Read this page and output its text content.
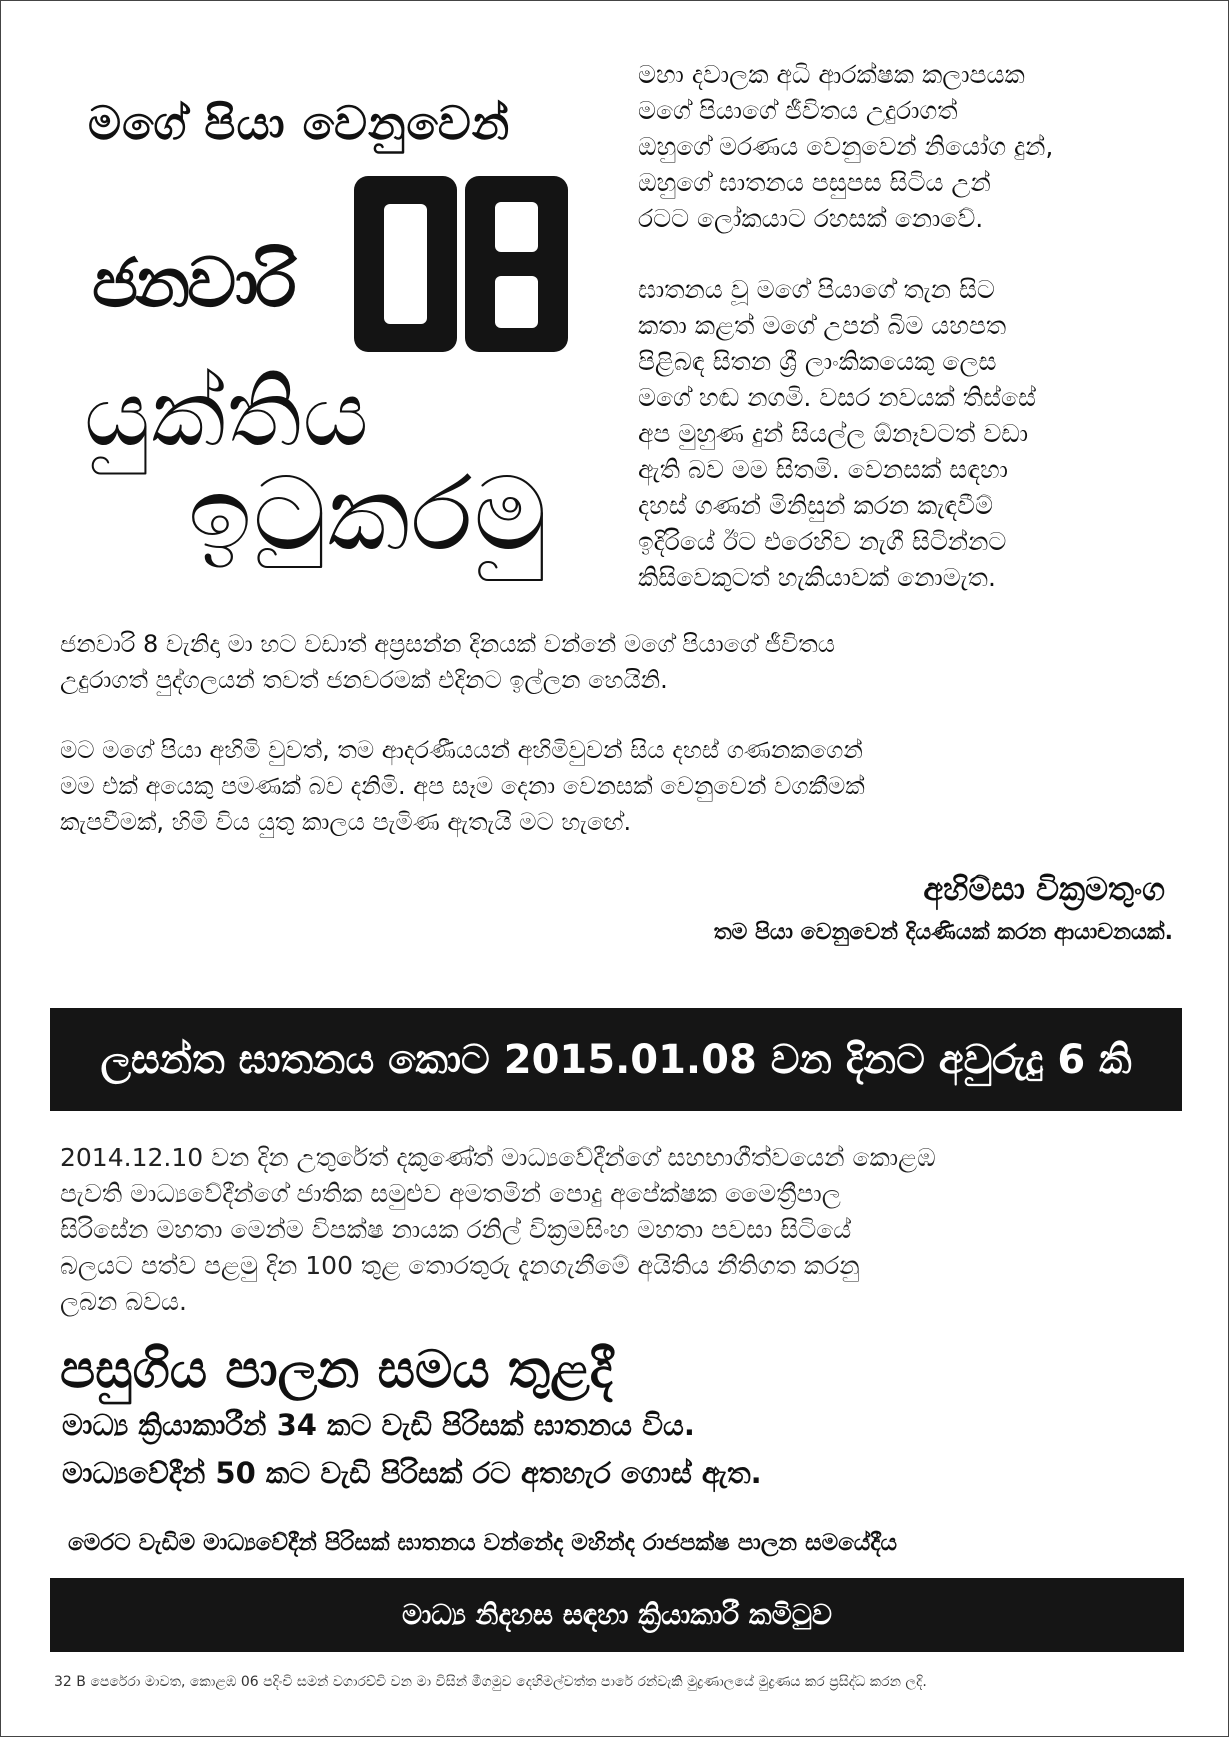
මගේ පියා වෙනුවෙන්
ජනවාරි
යුක්තිය
ඉටුකරමු

මහා දවාලක අධි ආරක්ෂක කලාපයක
මගේ පියාගේ ජීවිතය උදුරාගත්
ඔහුගේ මරණය වෙනුවෙන් නියෝග දුන්,
ඔහුගේ ඝාතනය පසුපස සිටිය උන්
රටට ලෝකයාට රහසක් නොවේ.

ඝාතනය වූ මගේ පියාගේ තැන සිට
කතා කළත් මගේ උපන් බිම යහපත
පිළිබඳ සිතන ශ්‍රී ලාංකිකයෙකු ලෙස
මගේ හඬ නගමි. වසර නවයක් තිස්සේ
අප මුහුණ දුන් සියල්ල ඕනෑවටත් වඩා
ඇති බව මම සිතමි. වෙනසක් සඳහා
දහස් ගණන් මිනිසුන් කරන කැඳවීම්
ඉදිරියේ ඊට එරෙහිව නැගී සිටින්නට
කිසිවෙකුටත් හැකියාවක් නොමැත.

ජනවාරි 8 වැනිදා මා හට වඩාත් අප්‍රසන්න දිනයක් වන්නේ මගේ පියාගේ ජීවිතය
උදුරාගත් පුද්ගලයන් තවත් ජනවරමක් එදිනට ඉල්ලන හෙයිනි.

මට මගේ පියා අහිමි වුවත්, තම ආදරණීයයන් අහිමිවුවන් සිය දහස් ගණනකගෙන්
මම එක් අයෙකු පමණක් බව දනිමි. අප සෑම දෙනා වෙනසක් වෙනුවෙන් වගකීමක්
කැපවීමක්, හිමි විය යුතු කාලය පැමිණ ඇතැයි මට හැඟේ.

අහිම්සා වික්‍රමතුංග
තම පියා වෙනුවෙන් දියණියක් කරන ආයාචනයක්.
ලසන්ත ඝාතනය කොට 2015.01.08 වන දිනට අවුරුදු 6 කි

2014.12.10 වන දින උතුරේත් දකුණේත් මාධ්‍යවේදීන්ගේ සහභාගීත්වයෙන් කොළඹ
පැවති මාධ්‍යවේදීන්ගේ ජාතික සමුළුව අමතමින් පොදු අපේක්ෂක මෛත්‍රීපාල
සිරිසේන මහතා මෙන්ම විපක්ෂ නායක රනිල් වික්‍රමසිංහ මහතා පවසා සිටියේ
බලයට පත්ව පළමු දින 100 තුළ තොරතුරු දැනගැනීමේ අයිතිය නීතිගත කරනු
ලබන බවය.

පසුගිය පාලන සමය තුළදී
මාධ්‍ය ක්‍රියාකාරීන් 34 කට වැඩි පිරිසක් ඝාතනය විය.
මාධ්‍යවේදීන් 50 කට වැඩි පිරිසක් රට අතහැර ගොස් ඇත.
මෙරට වැඩිම මාධ්‍යවේදීන් පිරිසක් ඝාතනය වන්නේද මහින්ද රාජපක්ෂ පාලන සමයේදීය
මාධ්‍ය නිදහස සඳහා ක්‍රියාකාරී කමිටුව
32 B පෙරේරා මාවත, කොළඹ 06 පදිංචි සමන් වගාරච්චි වන මා විසින් මීගමුව දෙහිමල්වත්ත පාරේ රන්වැකි මුද්‍රණාලයේ මුද්‍රණය කර ප්‍රසිද්ධ කරන ලදි.
